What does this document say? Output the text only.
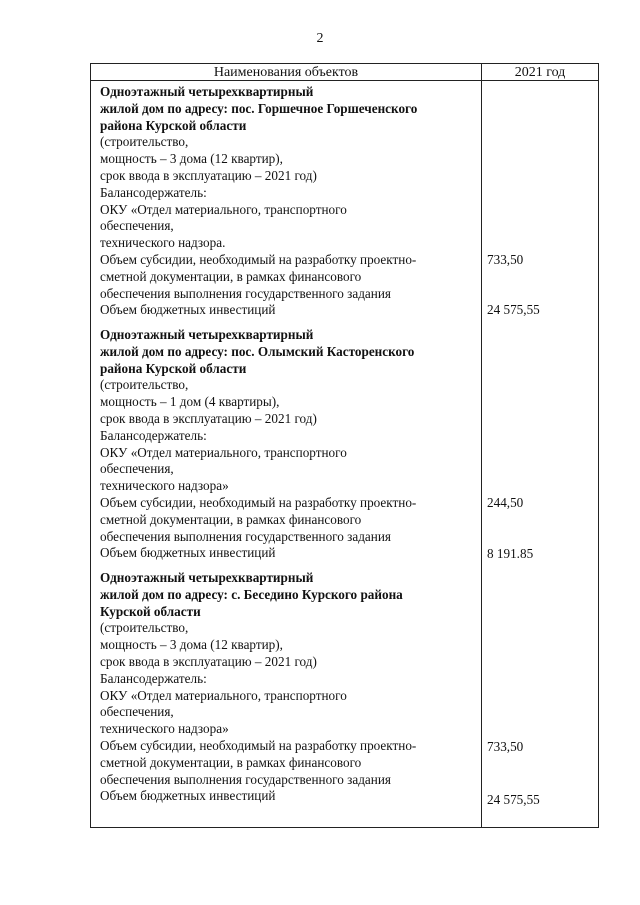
2
Наименования объектов	2021 год
Одноэтажный четырехквартирный
жилой дом по адресу: пос. Горшечное Горшеченского
района Курской области
(строительство,
мощность – 3 дома (12 квартир),
срок ввода в эксплуатацию – 2021 год)
Балансодержатель:
ОКУ «Отдел материального, транспортного
обеспечения,
технического надзора.
Объем субсидии, необходимый на разработку проектно-
сметной документации, в рамках финансового
обеспечения выполнения государственного задания
Объем бюджетных инвестиций
733,50
24 575,55
Одноэтажный четырехквартирный
жилой дом по адресу: пос. Олымский Касторенского
района Курской области
(строительство,
мощность – 1 дом (4 квартиры),
срок ввода в эксплуатацию – 2021 год)
Балансодержатель:
ОКУ «Отдел материального, транспортного
обеспечения,
технического надзора»
Объем субсидии, необходимый на разработку проектно-
сметной документации, в рамках финансового
обеспечения выполнения государственного задания
Объем бюджетных инвестиций
244,50
8 191.85
Одноэтажный четырехквартирный
жилой дом по адресу: с. Беседино Курского района
Курской области
(строительство,
мощность – 3 дома (12 квартир),
срок ввода в эксплуатацию – 2021 год)
Балансодержатель:
ОКУ «Отдел материального, транспортного
обеспечения,
технического надзора»
Объем субсидии, необходимый на разработку проектно-
сметной документации, в рамках финансового
обеспечения выполнения государственного задания
Объем бюджетных инвестиций
733,50
24 575,55
